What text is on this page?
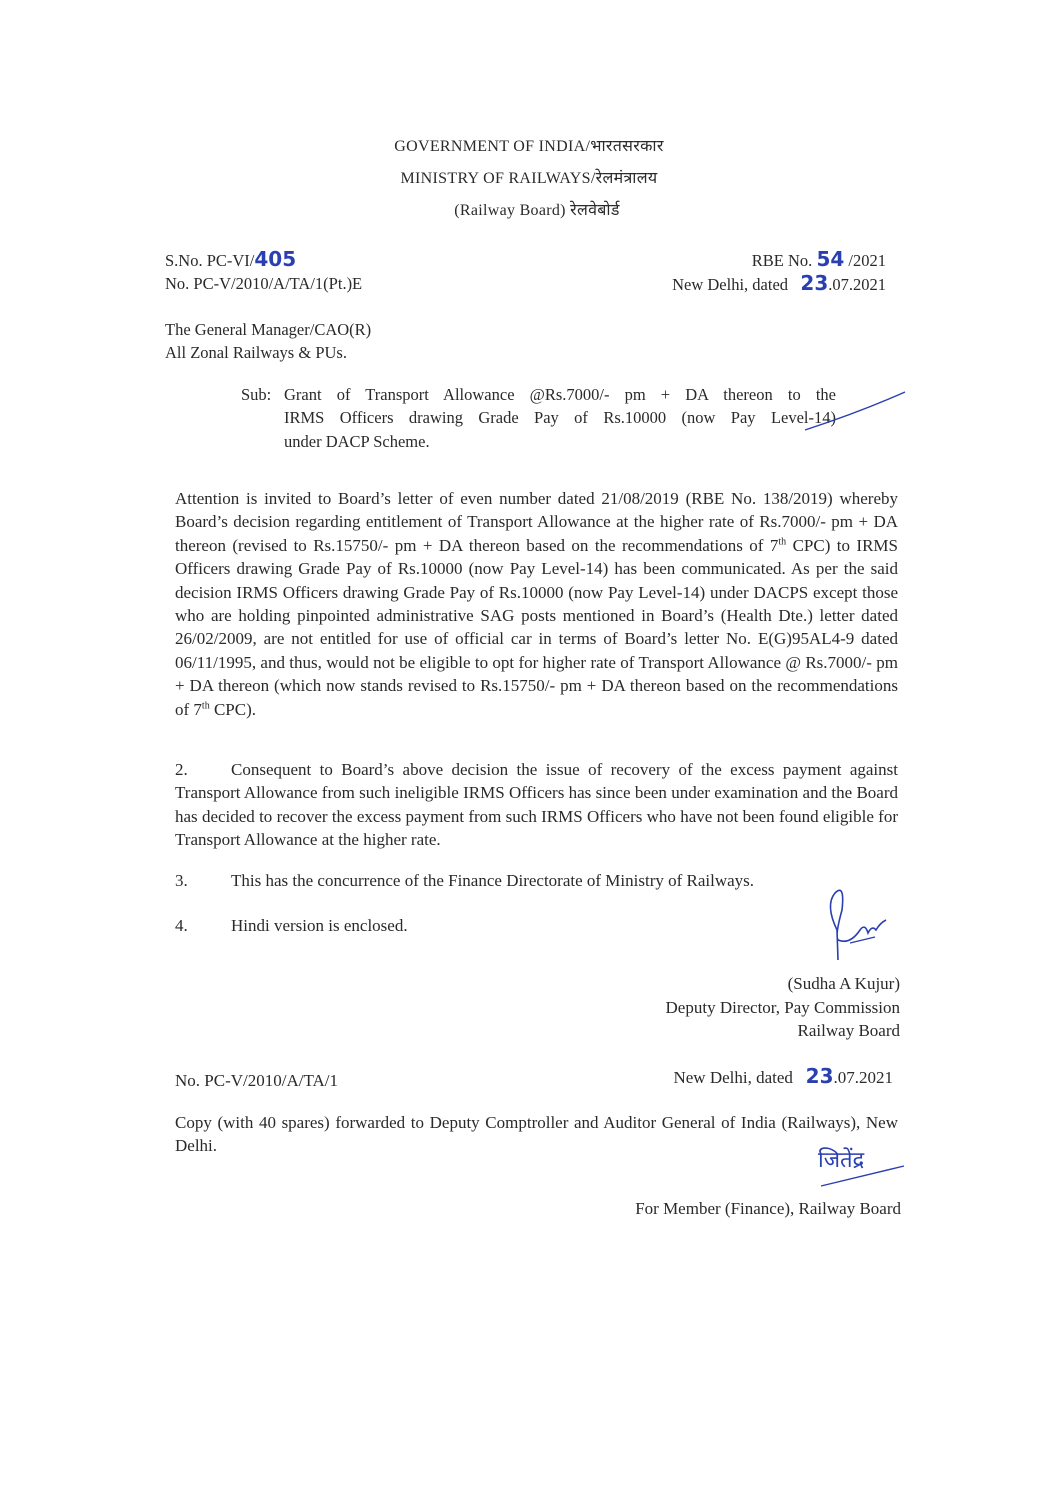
GOVERNMENT OF INDIA/भारतसरकार
MINISTRY OF RAILWAYS/रेलमंत्रालय
(Railway Board) रेलवेबोर्ड
S.No. PC-VI/405
No. PC-V/2010/A/TA/1(Pt.)E
RBE No. 54 /2021
New Delhi, dated 23.07.2021
The General Manager/CAO(R)
All Zonal Railways & PUs.
Sub: Grant of Transport Allowance @Rs.7000/- pm + DA thereon to the
IRMS Officers drawing Grade Pay of Rs.10000 (now Pay Level-14)
under DACP Scheme.
Attention is invited to Board’s letter of even number dated 21/08/2019 (RBE No. 138/2019) whereby Board’s decision regarding entitlement of Transport Allowance at the higher rate of Rs.7000/- pm + DA thereon (revised to Rs.15750/- pm + DA thereon based on the recommendations of 7th CPC) to IRMS Officers drawing Grade Pay of Rs.10000 (now Pay Level-14) has been communicated. As per the said decision IRMS Officers drawing Grade Pay of Rs.10000 (now Pay Level-14) under DACPS except those who are holding pinpointed administrative SAG posts mentioned in Board’s (Health Dte.) letter dated 26/02/2009, are not entitled for use of official car in terms of Board’s letter No. E(G)95AL4-9 dated 06/11/1995, and thus, would not be eligible to opt for higher rate of Transport Allowance @ Rs.7000/- pm + DA thereon (which now stands revised to Rs.15750/- pm + DA thereon based on the recommendations of 7th CPC).
2.	Consequent to Board’s above decision the issue of recovery of the excess payment against Transport Allowance from such ineligible IRMS Officers has since been under examination and the Board has decided to recover the excess payment from such IRMS Officers who have not been found eligible for Transport Allowance at the higher rate.
3.	This has the concurrence of the Finance Directorate of Ministry of Railways.
4.	Hindi version is enclosed.
(Sudha A Kujur)
Deputy Director, Pay Commission
Railway Board
No. PC-V/2010/A/TA/1	New Delhi, dated 23.07.2021
Copy (with 40 spares) forwarded to Deputy Comptroller and Auditor General of India (Railways), New Delhi.
जितेंद्र
For Member (Finance), Railway Board
